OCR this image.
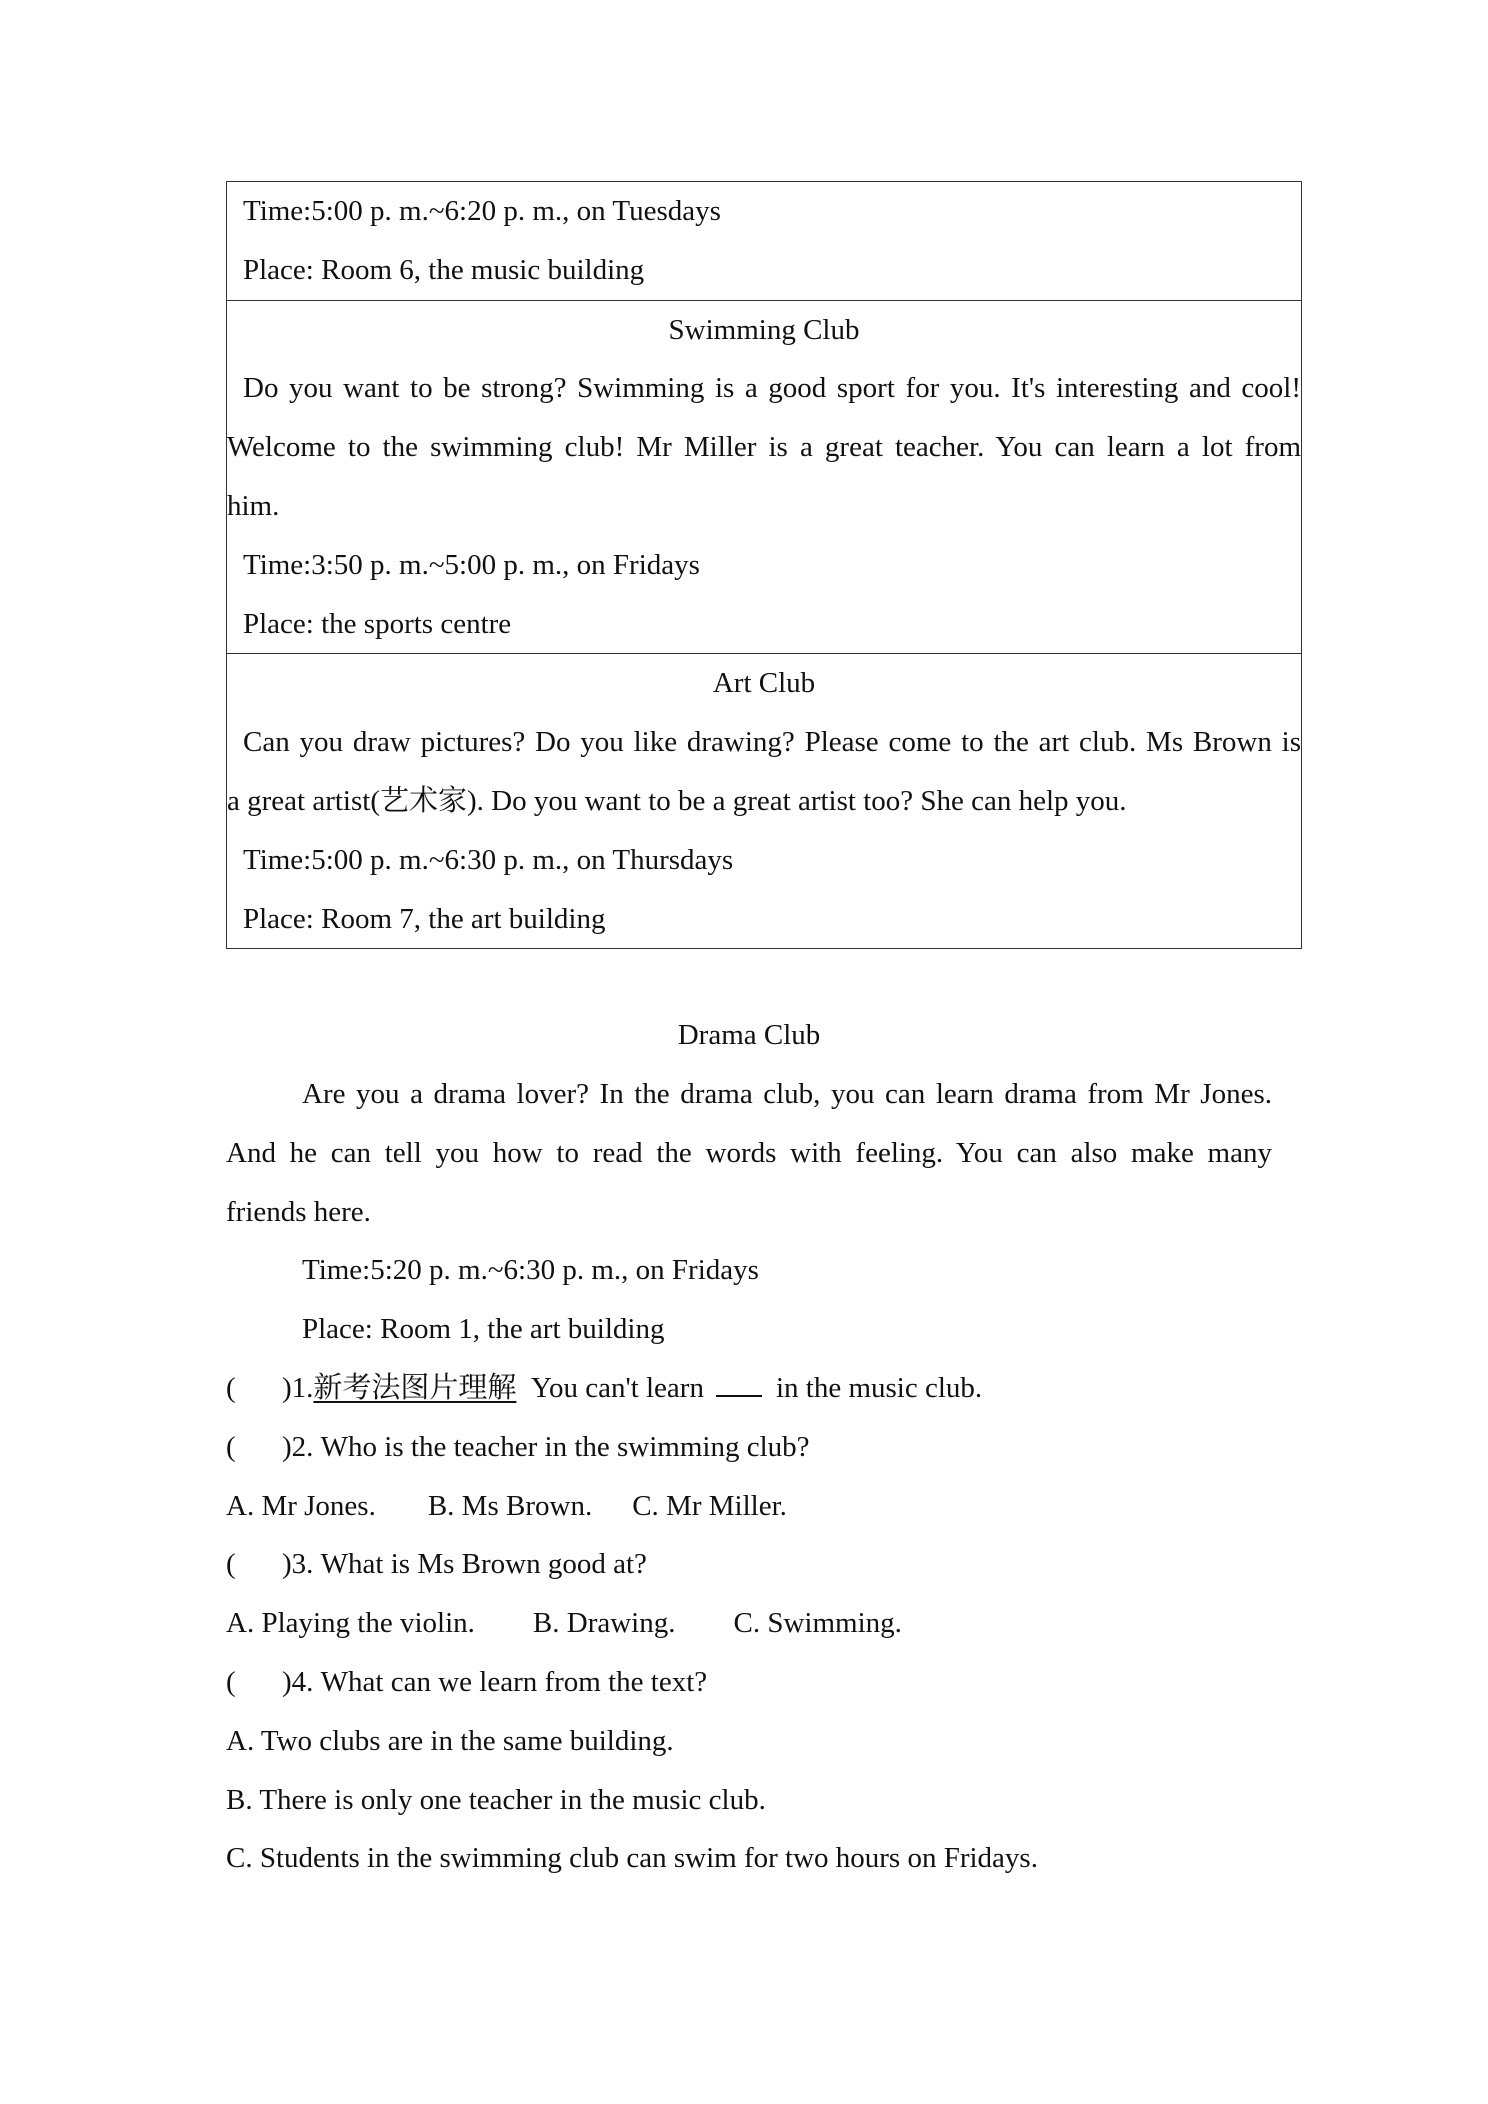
Time:5:00 p. m.~6:20 p. m., on Tuesdays
Place: Room 6, the music building

Swimming Club
Do you want to be strong? Swimming is a good sport for you. It's interesting and cool!
Welcome to the swimming club! Mr Miller is a great teacher. You can learn a lot from
him.
Time:3:50 p. m.~5:00 p. m., on Fridays
Place: the sports centre

Art Club
Can you draw pictures? Do you like drawing? Please come to the art club. Ms Brown is
a great artist(艺术家). Do you want to be a great artist too? She can help you.
Time:5:00 p. m.~6:30 p. m., on Thursdays
Place: Room 7, the art building
Drama Club
Are you a drama lover? In the drama club, you can learn drama from Mr Jones.
And he can tell you how to read the words with feeling. You can also make many
friends here.
Time:5:20 p. m.~6:30 p. m., on Fridays
Place: Room 1, the art building
( )1.新考法图片理解 You can't learn in the music club.
( )2. Who is the teacher in the swimming club?
A. Mr Jones. B. Ms Brown. C. Mr Miller.
( )3. What is Ms Brown good at?
A. Playing the violin. B. Drawing. C. Swimming.
( )4. What can we learn from the text?
A. Two clubs are in the same building.
B. There is only one teacher in the music club.
C. Students in the swimming club can swim for two hours on Fridays.
